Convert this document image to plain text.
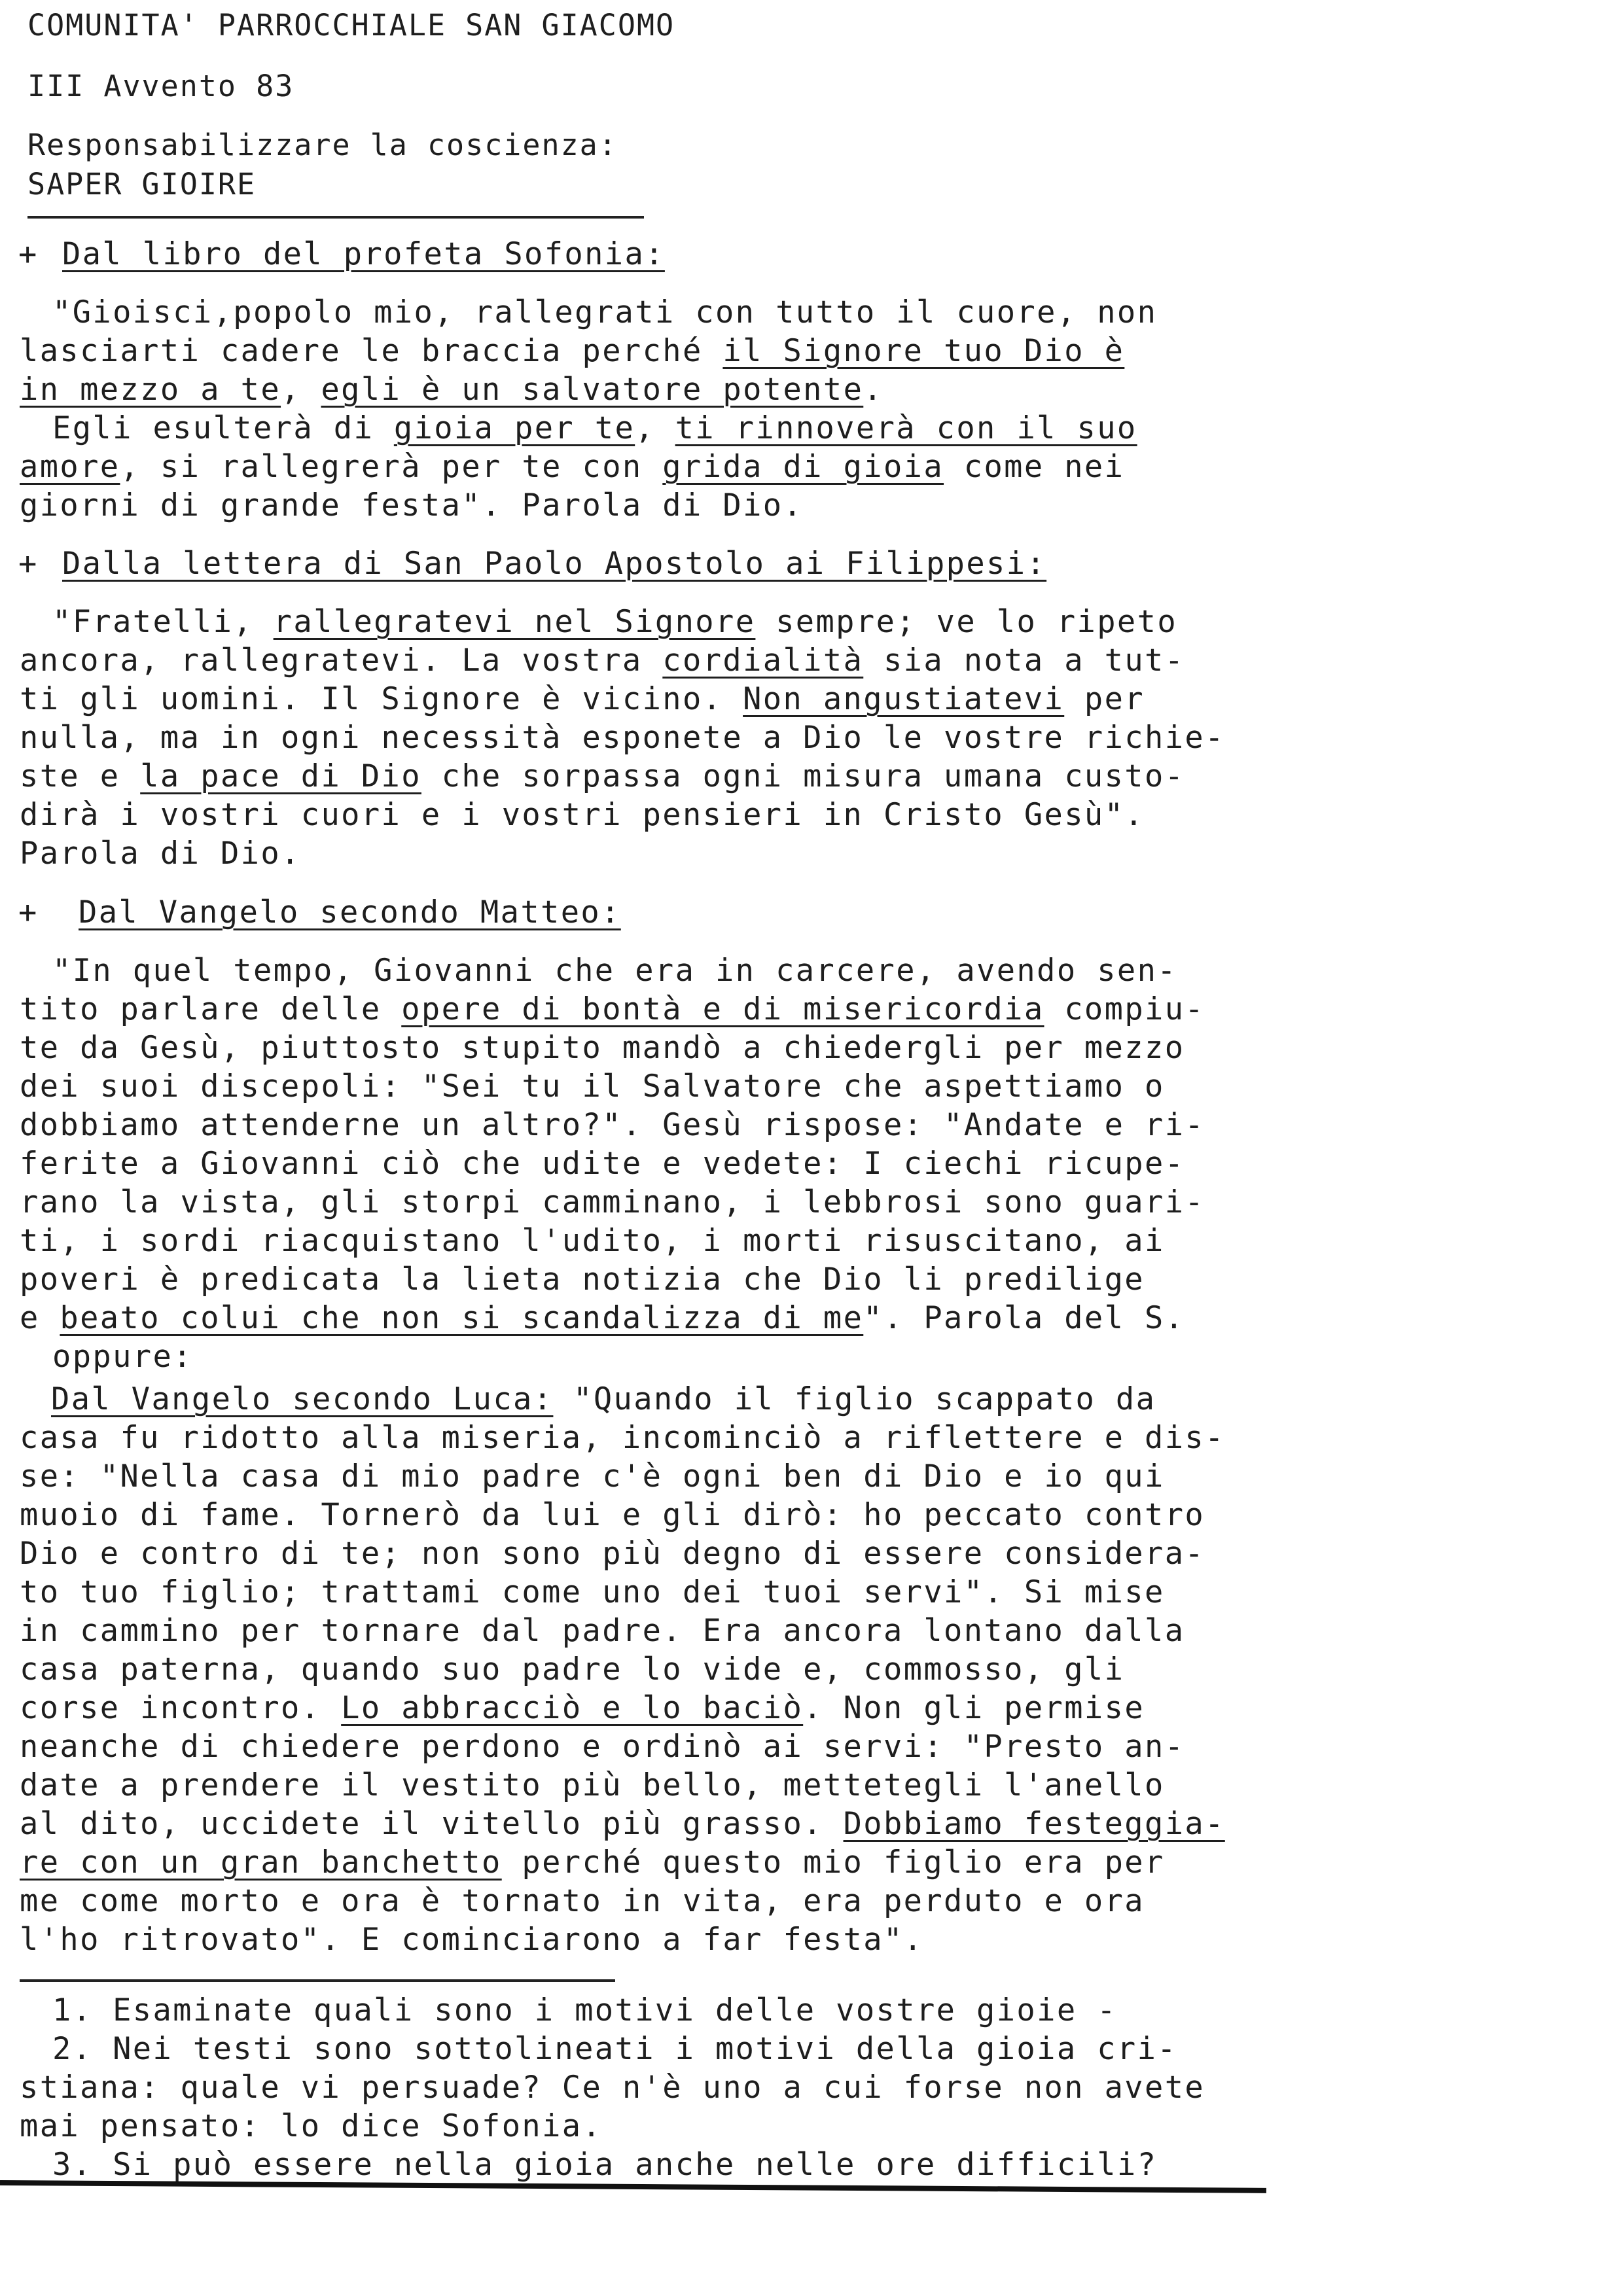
COMUNITA' PARROCCHIALE SAN GIACOMO
III Avvento 83
Responsabilizzare la coscienza:
SAPER GIOIRE
+ Dal libro del profeta Sofonia:
"Gioisci,popolo mio, rallegrati con tutto il cuore, non
lasciarti cadere le braccia perché il Signore tuo Dio è
in mezzo a te, egli è un salvatore potente.
Egli esulterà di gioia per te, ti rinnoverà con il suo
amore, si rallegrerà per te con grida di gioia come nei
giorni di grande festa". Parola di Dio.
+ Dalla lettera di San Paolo Apostolo ai Filippesi:
"Fratelli, rallegratevi nel Signore sempre; ve lo ripeto
ancora, rallegratevi. La vostra cordialità sia nota a tut-
ti gli uomini. Il Signore è vicino. Non angustiatevi per
nulla, ma in ogni necessità esponete a Dio le vostre richie-
ste e la pace di Dio che sorpassa ogni misura umana custo-
dirà i vostri cuori e i vostri pensieri in Cristo Gesù".
Parola di Dio.
+ Dal Vangelo secondo Matteo:
"In quel tempo, Giovanni che era in carcere, avendo sen-
tito parlare delle opere di bontà e di misericordia compiu-
te da Gesù, piuttosto stupito mandò a chiedergli per mezzo
dei suoi discepoli: "Sei tu il Salvatore che aspettiamo o
dobbiamo attenderne un altro?". Gesù rispose: "Andate e ri-
ferite a Giovanni ciò che udite e vedete: I ciechi ricupe-
rano la vista, gli storpi camminano, i lebbrosi sono guari-
ti, i sordi riacquistano l'udito, i morti risuscitano, ai
poveri è predicata la lieta notizia che Dio li predilige
e beato colui che non si scandalizza di me". Parola del S.
oppure:
Dal Vangelo secondo Luca: "Quando il figlio scappato da
casa fu ridotto alla miseria, incominciò a riflettere e dis-
se: "Nella casa di mio padre c'è ogni ben di Dio e io qui
muoio di fame. Tornerò da lui e gli dirò: ho peccato contro
Dio e contro di te; non sono più degno di essere considera-
to tuo figlio; trattami come uno dei tuoi servi". Si mise
in cammino per tornare dal padre. Era ancora lontano dalla
casa paterna, quando suo padre lo vide e, commosso, gli
corse incontro. Lo abbracciò e lo baciò. Non gli permise
neanche di chiedere perdono e ordinò ai servi: "Presto an-
date a prendere il vestito più bello, mettetegli l'anello
al dito, uccidete il vitello più grasso. Dobbiamo festeggia-
re con un gran banchetto perché questo mio figlio era per
me come morto e ora è tornato in vita, era perduto e ora
l'ho ritrovato". E cominciarono a far festa".
1. Esaminate quali sono i motivi delle vostre gioie -
2. Nei testi sono sottolineati i motivi della gioia cri-
stiana: quale vi persuade? Ce n'è uno a cui forse non avete
mai pensato: lo dice Sofonia.
3. Si può essere nella gioia anche nelle ore difficili?
